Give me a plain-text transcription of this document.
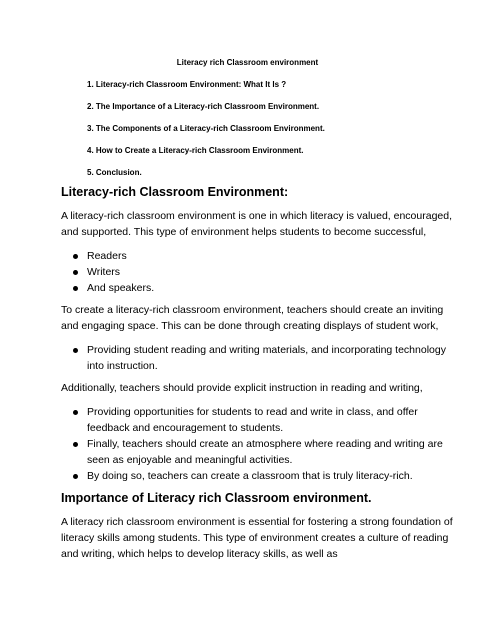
Literacy rich Classroom environment
1. Literacy-rich Classroom Environment: What It Is ?
2. The Importance of a Literacy-rich Classroom Environment.
3. The Components of a Literacy-rich Classroom Environment.
4. How to Create a Literacy-rich Classroom Environment.
5. Conclusion.
Literacy-rich Classroom Environment:

A literacy-rich classroom environment is one in which literacy is valued, encouraged, and supported. This type of environment helps students to become successful,

Readers
Writers
And speakers.

To create a literacy-rich classroom environment, teachers should create an inviting and engaging space. This can be done through creating displays of student work,

Providing student reading and writing materials, and incorporating technology into instruction.

Additionally, teachers should provide explicit instruction in reading and writing,

Providing opportunities for students to read and write in class, and offer feedback and encouragement to students.
Finally, teachers should create an atmosphere where reading and writing are seen as enjoyable and meaningful activities.
By doing so, teachers can create a classroom that is truly literacy-rich.
Importance of Literacy rich Classroom environment.

A literacy rich classroom environment is essential for fostering a strong foundation of literacy skills among students. This type of environment creates a culture of reading and writing, which helps to develop literacy skills, as well as
